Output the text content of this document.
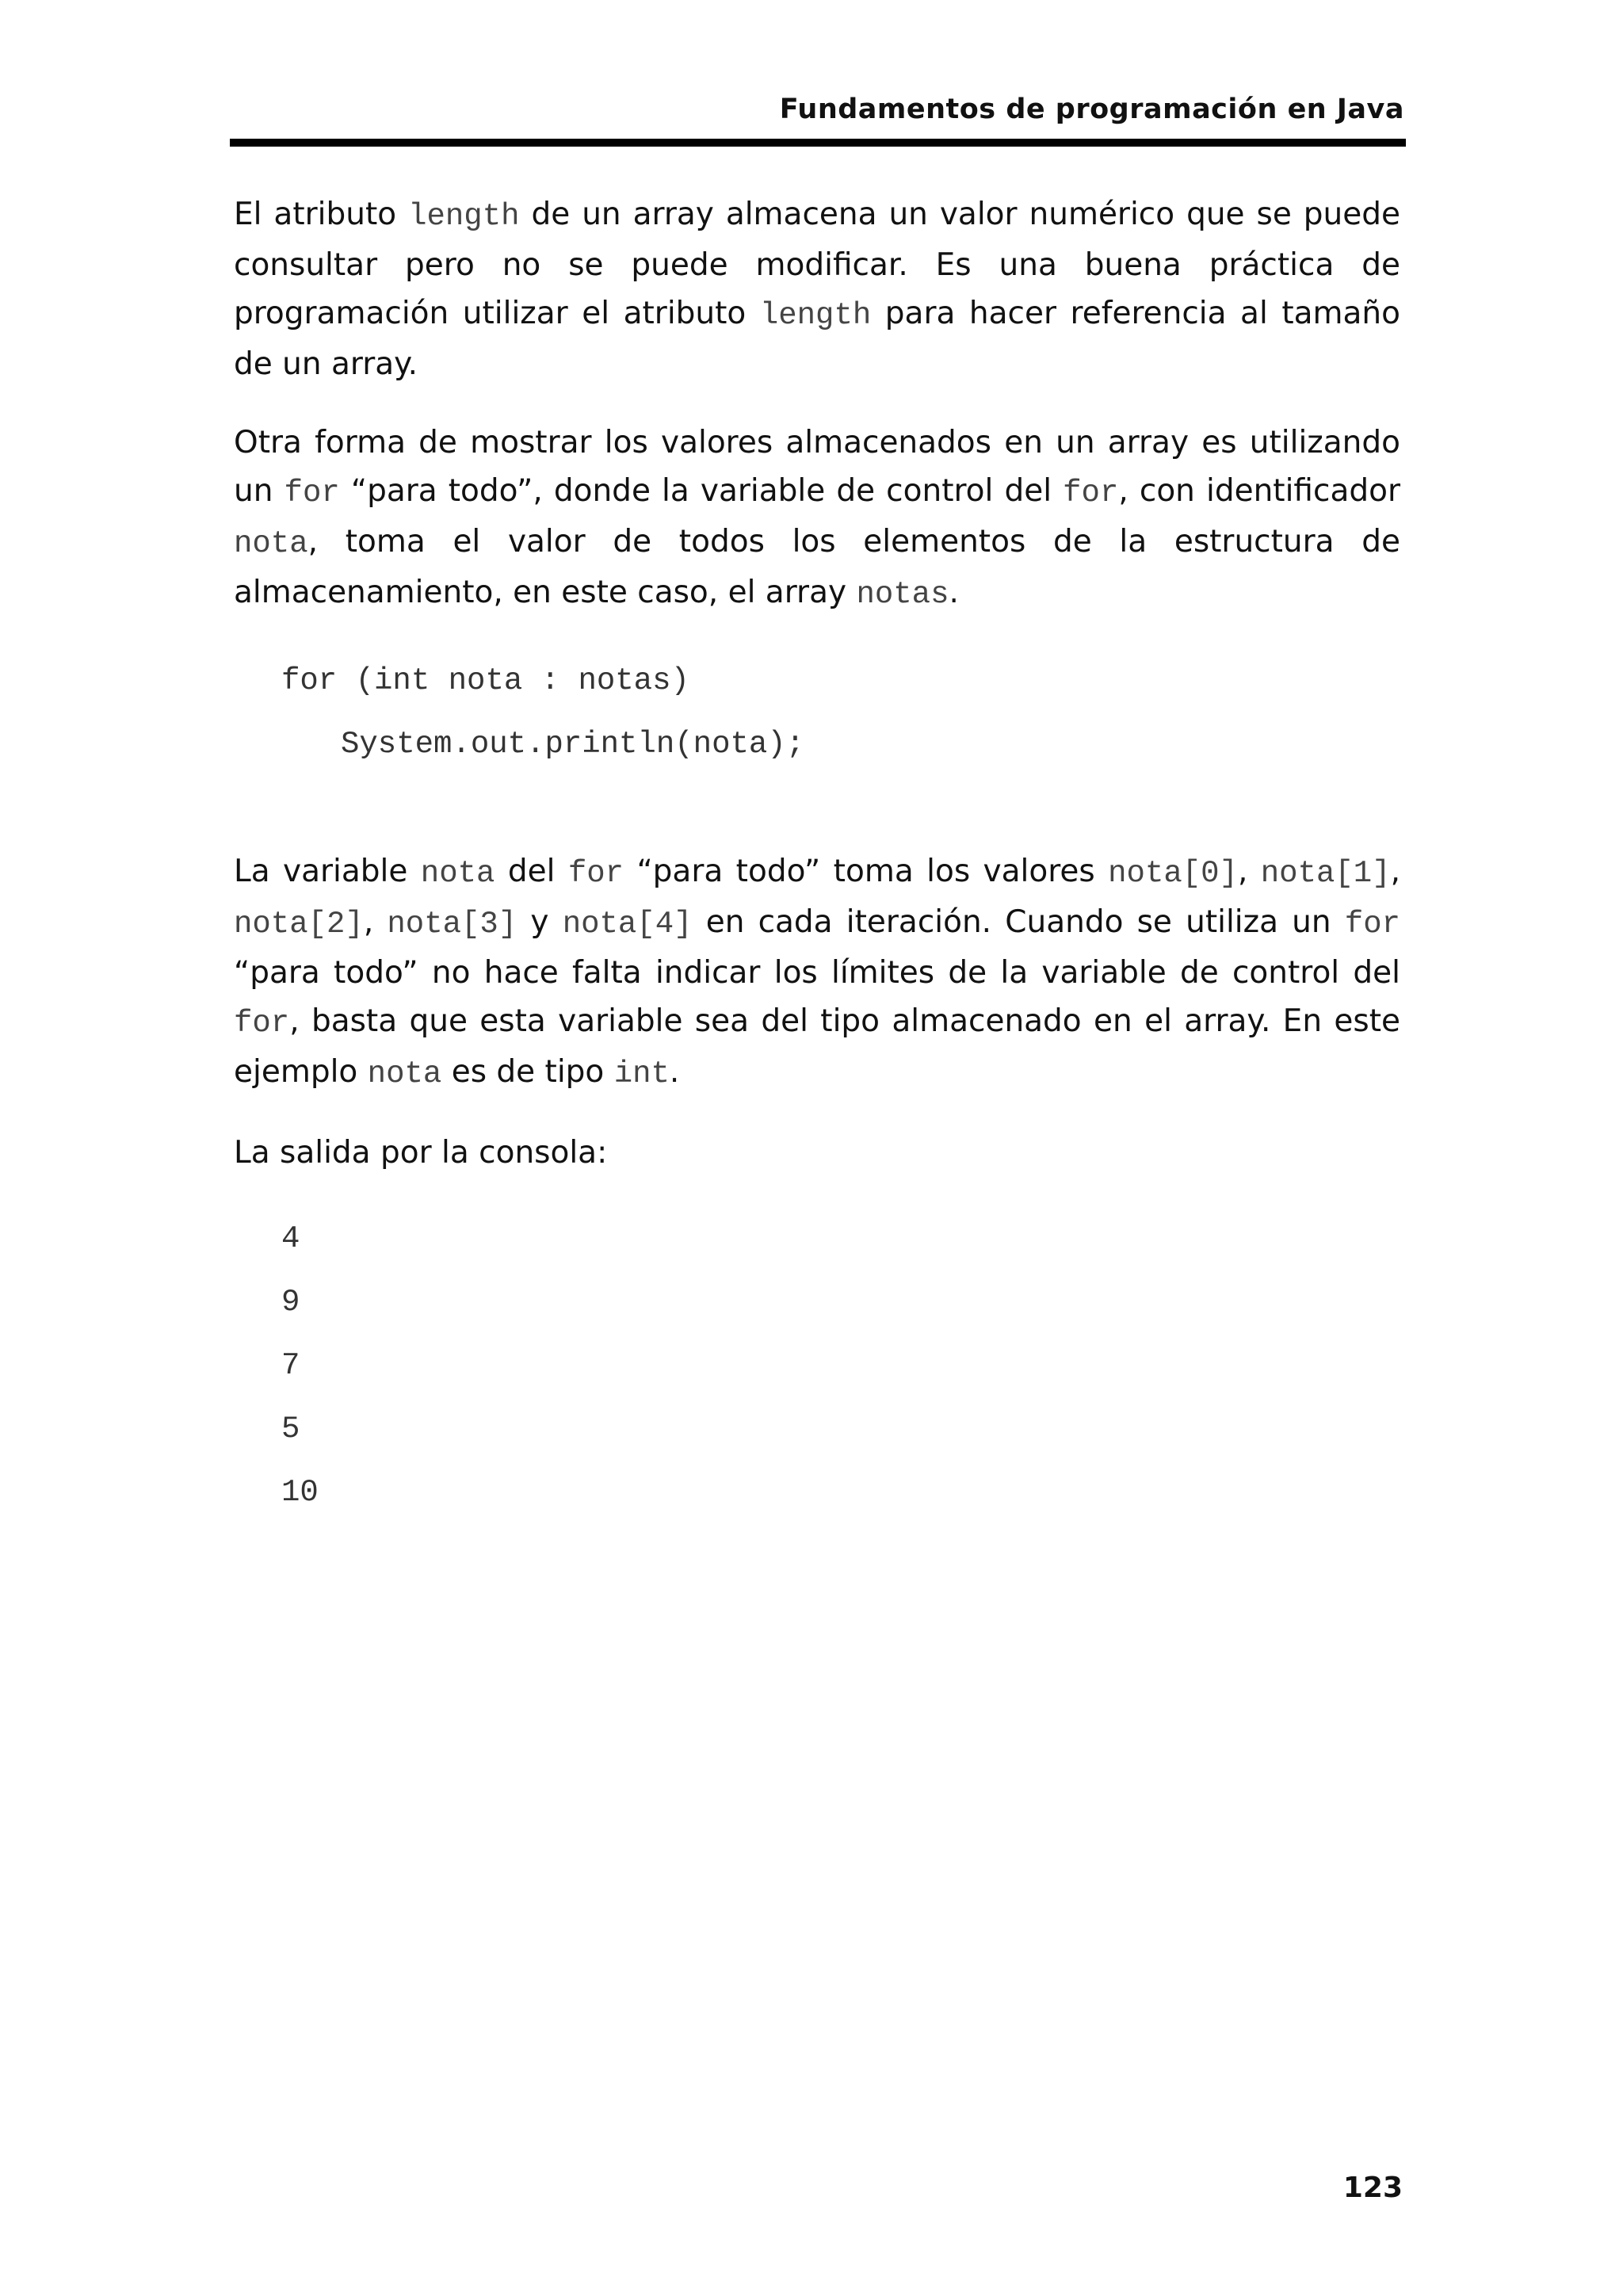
Fundamentos de programación en Java

El atributo length de un array almacena un valor numérico que se puede consultar pero no se puede modificar. Es una buena práctica de programación utilizar el atributo length para hacer referencia al tamaño de un array.

Otra forma de mostrar los valores almacenados en un array es utilizando un for “para todo”, donde la variable de control del for, con identificador nota, toma el valor de todos los elementos de la estructura de almacenamiento, en este caso, el array notas.

for (int nota : notas)
System.out.println(nota);

La variable nota del for “para todo” toma los valores nota[0], nota[1], nota[2], nota[3] y nota[4] en cada iteración. Cuando se utiliza un for “para todo” no hace falta indicar los límites de la variable de control del for, basta que esta variable sea del tipo almacenado en el array. En este ejemplo nota es de tipo int.

La salida por la consola:

4
9
7
5
10
123
